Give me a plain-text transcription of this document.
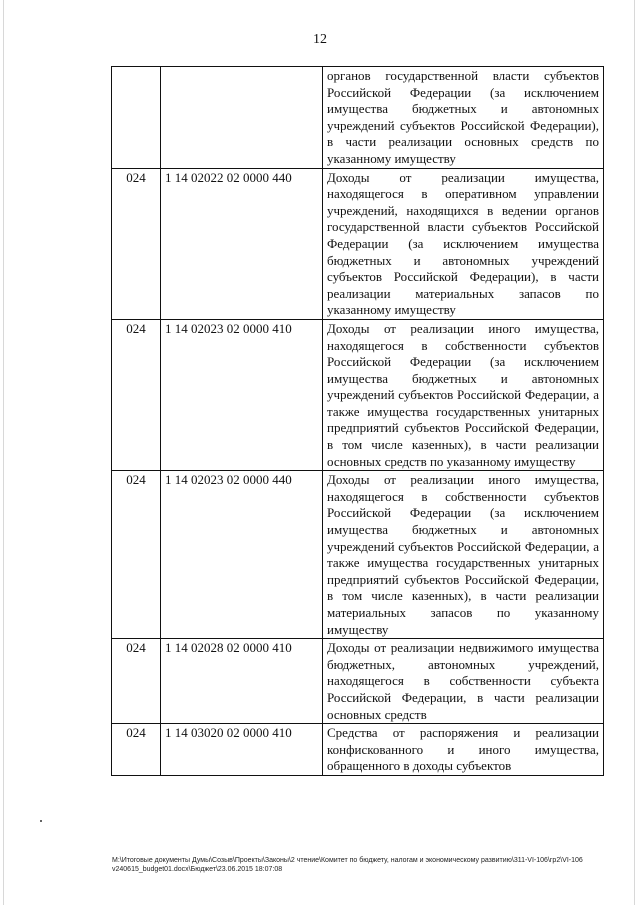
12
		органов государственной власти субъектов Российской Федерации (за исключением имущества бюджетных и автономных учреждений субъектов Российской Федерации), в части реализации основных средств по указанному имуществу
024	1 14 02022 02 0000 440	Доходы от реализации имущества, находящегося в оперативном управлении учреждений, находящихся в ведении органов государственной власти субъектов Российской Федерации (за исключением имущества бюджетных и автономных учреждений субъектов Российской Федерации), в части реализации материальных запасов по указанному имуществу
024	1 14 02023 02 0000 410	Доходы от реализации иного имущества, находящегося в собственности субъектов Российской Федерации (за исключением имущества бюджетных и автономных учреждений субъектов Российской Федерации, а также имущества государственных унитарных предприятий субъектов Российской Федерации, в том числе казенных), в части реализации основных средств по указанному имуществу
024	1 14 02023 02 0000 440	Доходы от реализации иного имущества, находящегося в собственности субъектов Российской Федерации (за исключением имущества бюджетных и автономных учреждений субъектов Российской Федерации, а также имущества государственных унитарных предприятий субъектов Российской Федерации, в том числе казенных), в части реализации материальных запасов по указанному имуществу
024	1 14 02028 02 0000 410	Доходы от реализации недвижимого имущества бюджетных, автономных учреждений, находящегося в собственности субъекта Российской Федерации, в части реализации основных средств
024	1 14 03020 02 0000 410	Средства от распоряжения и реализации конфискованного и иного имущества, обращенного в доходы субъектов
M:\Итоговые документы Думы\Созыв\Проекты\Законы\2 чтение\Комитет по бюджету, налогам и экономическому развитию\311-VI-106\гр2\VI-106 v240615_budget01.docx\Бюджет\23.06.2015 18:07:08
